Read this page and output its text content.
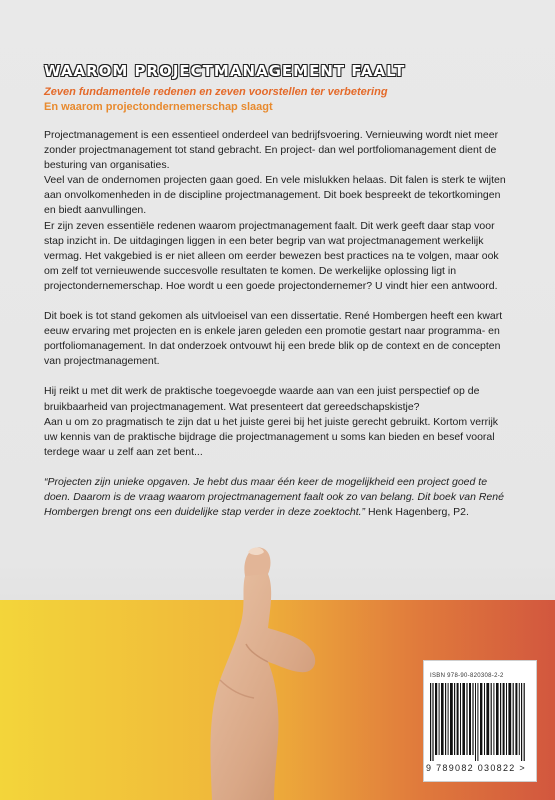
WAAROM PROJECTMANAGEMENT FAALT
Zeven fundamentele redenen en zeven voorstellen ter verbetering
En waarom projectondernemerschap slaagt

Projectmanagement is een essentieel onderdeel van bedrijfsvoering. Vernieuwing wordt niet meer zonder projectmanagement tot stand gebracht. En project- dan wel portfoliomanagement dient de besturing van organisaties.

Veel van de ondernomen projecten gaan goed. En vele mislukken helaas. Dit falen is sterk te wijten aan onvolkomenheden in de discipline projectmanagement. Dit boek bespreekt de tekortkomingen en biedt aanvullingen.

Er zijn zeven essentiële redenen waarom projectmanagement faalt. Dit werk geeft daar stap voor stap inzicht in. De uitdagingen liggen in een beter begrip van wat projectmanagement werkelijk vermag. Het vakgebied is er niet alleen om eerder bewezen best practices na te volgen, maar ook om zelf tot vernieuwende succesvolle resultaten te komen. De werkelijke oplossing ligt in projectondernemerschap. Hoe wordt u een goede projectondernemer? U vindt hier een antwoord.

Dit boek is tot stand gekomen als uitvloeisel van een dissertatie. René Hombergen heeft een kwart eeuw ervaring met projecten en is enkele jaren geleden een promotie gestart naar programma- en portfoliomanagement. In dat onderzoek ontvouwt hij een brede blik op de context en de concepten van projectmanagement.

Hij reikt u met dit werk de praktische toegevoegde waarde aan van een juist perspectief op de bruikbaarheid van projectmanagement. Wat presenteert dat gereedschapskistje?

Aan u om zo pragmatisch te zijn dat u het juiste gerei bij het juiste gerecht gebruikt. Kortom verrijk uw kennis van de praktische bijdrage die projectmanagement u soms kan bieden en besef vooral terdege waar u zelf aan zet bent...

“Projecten zijn unieke opgaven. Je hebt dus maar één keer de mogelijkheid een project goed te doen. Daarom is de vraag waarom projectmanagement faalt ook zo van belang. Dit boek van René Hombergen brengt ons een duidelijke stap verder in deze zoektocht.” Henk Hagenberg, P2.

ISBN 978-90-820308-2-2
9 789082 030822 >
